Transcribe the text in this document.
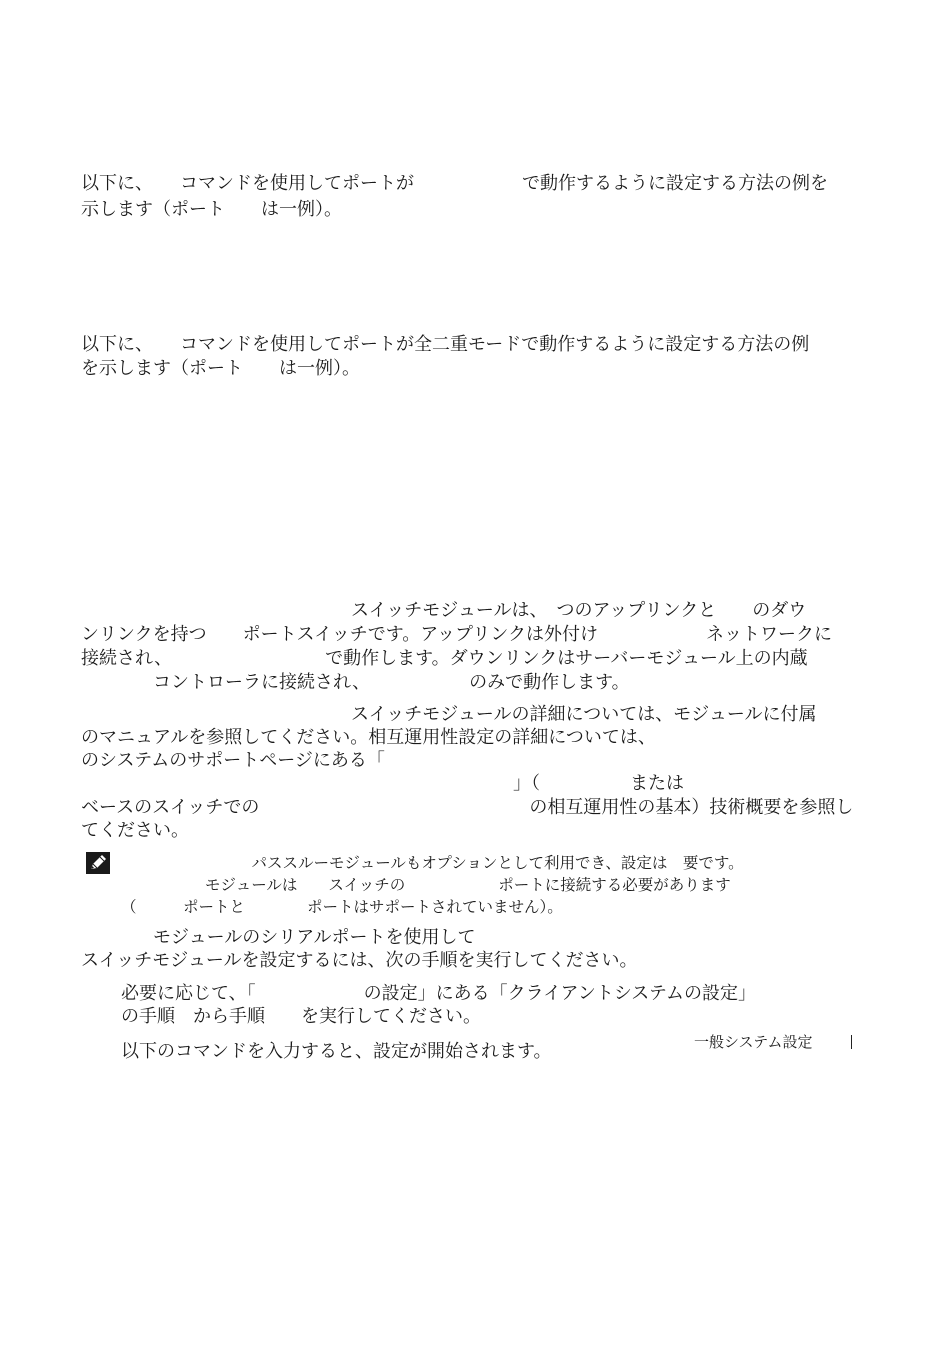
以下に、　　コマンドを使用してポートが　　　　　　で動作するように設定する方法の例を
示します（ポート　　は一例）。
以下に、　　コマンドを使用してポートが全二重モードで動作するように設定する方法の例
を示します（ポート　　は一例）。
　　　　　　　　　　　　　　　スイッチモジュールは、　つのアップリンクと　　のダウ
ンリンクを持つ　　ポートスイッチです。アップリンクは外付け　　　　　　ネットワークに
接続され、　　　　　　　　　で動作します。ダウンリンクはサーバーモジュール上の内蔵
　　　　コントローラに接続され、　　　　　　のみで動作します。
　　　　　　　　　　　　　　　スイッチモジュールの詳細については、モジュールに付属
のマニュアルを参照してください。相互運用性設定の詳細については、
のシステムのサポートページにある「
　　　　　　　　　　　　　　　　　　　　　　　　」（　　　　　または
ベースのスイッチでの　　　　　　　　　　　　　　　の相互運用性の基本）技術概要を参照し
てください。
　　　　　　　　　　　パススルーモジュールもオプションとして利用でき、設定は　要です。
　　　　　　　　モジュールは　　スイッチの　　　　　　ポートに接続する必要があります
（　　　ポートと　　　　ポートはサポートされていません）。
　　　　モジュールのシリアルポートを使用して
スイッチモジュールを設定するには、次の手順を実行してください。
必要に応じて、「　　　　　　の設定」にある「クライアントシステムの設定」
の手順　から手順　　を実行してください。
以下のコマンドを入力すると、設定が開始されます。	一般システム設定
